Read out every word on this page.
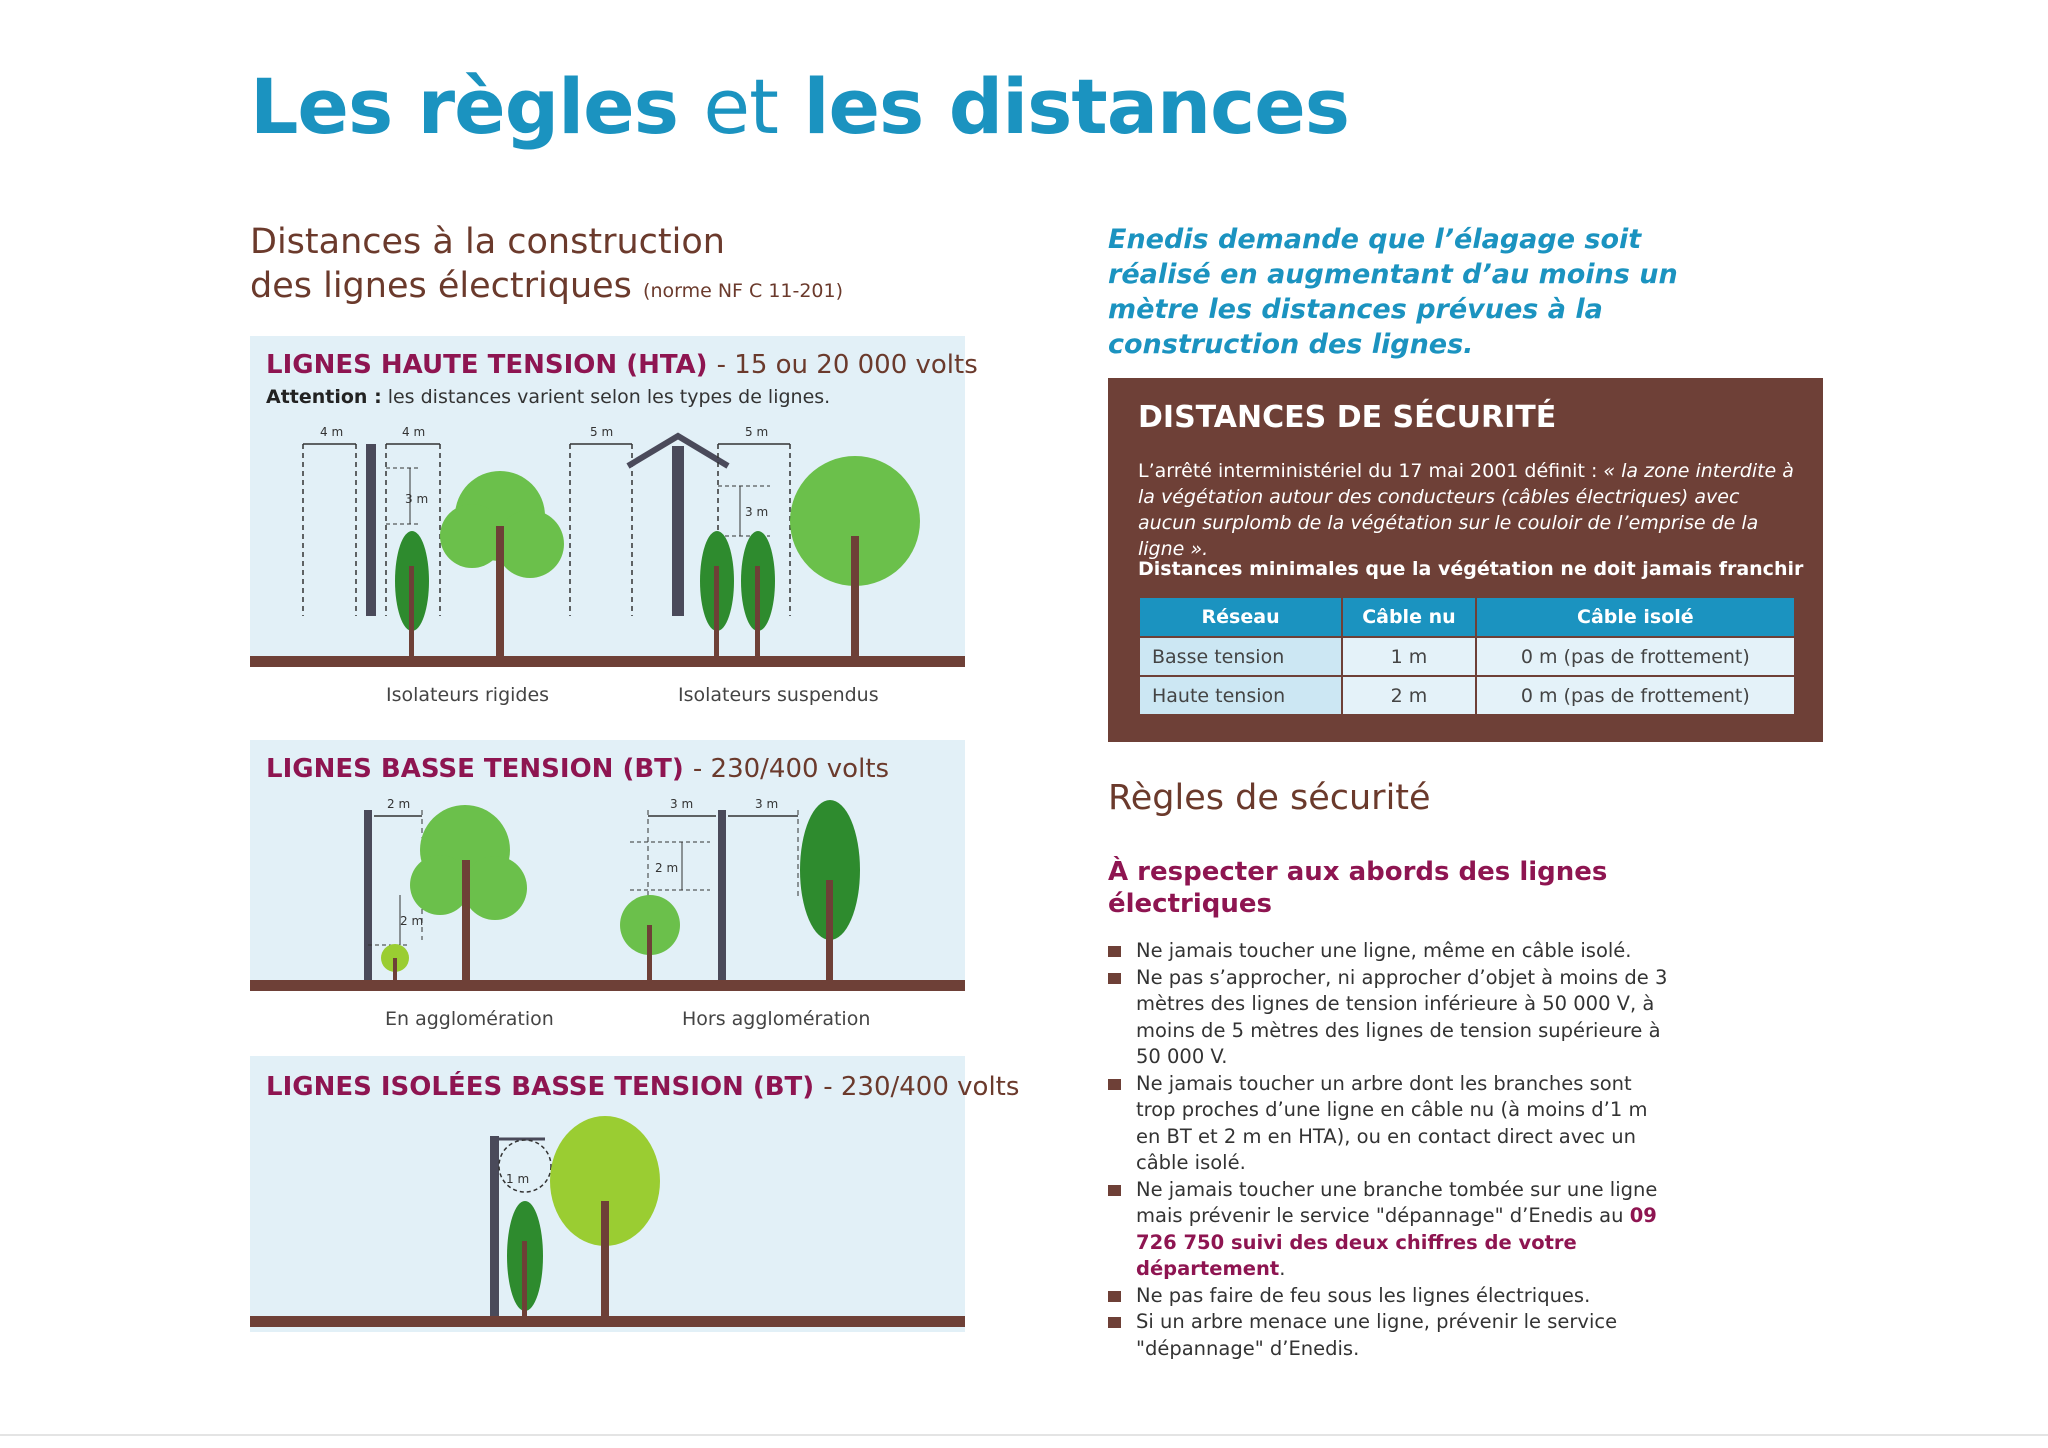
Les règles et les distances
Distances à la construction
des lignes électriques (norme NF C 11-201)
LIGNES HAUTE TENSION (HTA) - 15 ou 20 000 volts
Attention : les distances varient selon les types de lignes.
4 m	4 m
3 m
5 m	5 m
3 m
Isolateurs rigides	Isolateurs suspendus
LIGNES BASSE TENSION (BT) - 230/400 volts
2 m
2 m
3 m	3 m
2 m
En agglomération	Hors agglomération
LIGNES ISOLÉES BASSE TENSION (BT) - 230/400 volts
1 m
Enedis demande que l’élagage soit réalisé en augmentant d’au moins un mètre les distances prévues à la construction des lignes.
DISTANCES DE SÉCURITÉ
L’arrêté interministériel du 17 mai 2001 définit : « la zone interdite à la végétation autour des conducteurs (câbles électriques) avec aucun surplomb de la végétation sur le couloir de l’emprise de la ligne ».
Distances minimales que la végétation ne doit jamais franchir
Réseau	Câble nu	Câble isolé
Basse tension	1 m	0 m (pas de frottement)
Haute tension	2 m	0 m (pas de frottement)
Règles de sécurité
À respecter aux abords des lignes électriques
Ne jamais toucher une ligne, même en câble isolé.
Ne pas s’approcher, ni approcher d’objet à moins de 3 mètres des lignes de tension inférieure à 50 000 V, à moins de 5 mètres des lignes de tension supérieure à 50 000 V.
Ne jamais toucher un arbre dont les branches sont trop proches d’une ligne en câble nu (à moins d’1 m en BT et 2 m en HTA), ou en contact direct avec un câble isolé.
Ne jamais toucher une branche tombée sur une ligne mais prévenir le service "dépannage" d’Enedis au 09 726 750 suivi des deux chiffres de votre département.
Ne pas faire de feu sous les lignes électriques.
Si un arbre menace une ligne, prévenir le service "dépannage" d’Enedis.
